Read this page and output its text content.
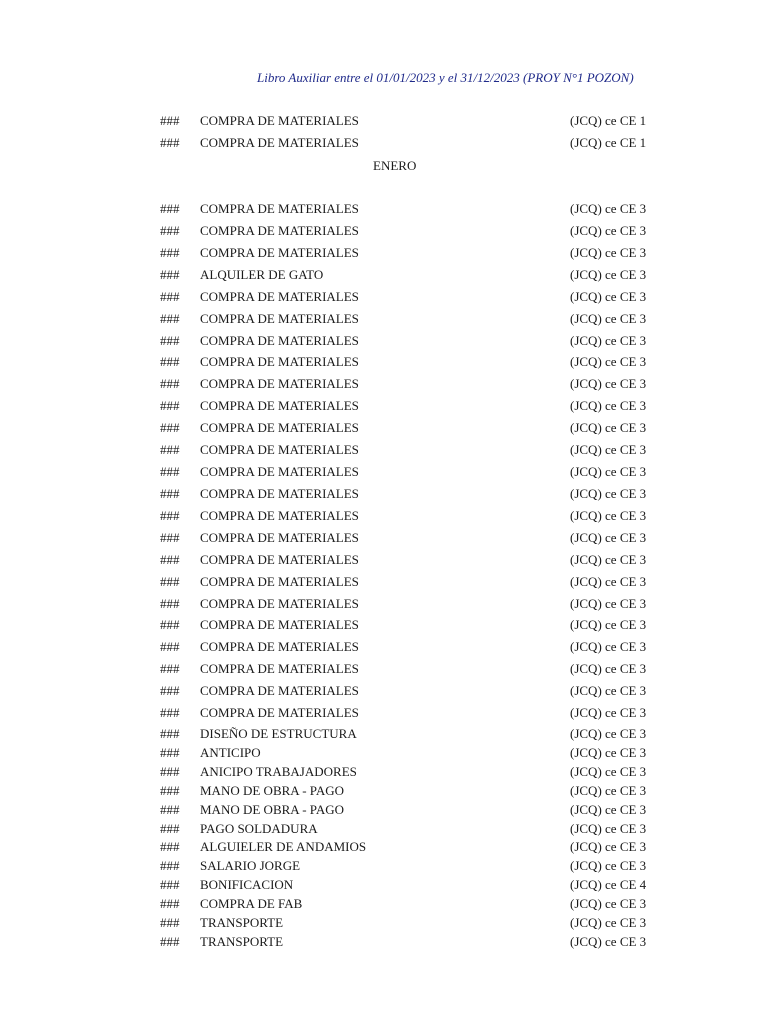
Libro Auxiliar entre el 01/01/2023 y el 31/12/2023 (PROY N°1 POZON)
### COMPRA DE MATERIALES	(JCQ) ce CE 1
### COMPRA DE MATERIALES	(JCQ) ce CE 1
ENERO
### COMPRA DE MATERIALES	(JCQ) ce CE 3
### COMPRA DE MATERIALES	(JCQ) ce CE 3
### COMPRA DE MATERIALES	(JCQ) ce CE 3
### ALQUILER DE GATO	(JCQ) ce CE 3
### COMPRA DE MATERIALES	(JCQ) ce CE 3
### COMPRA DE MATERIALES	(JCQ) ce CE 3
### COMPRA DE MATERIALES	(JCQ) ce CE 3
### COMPRA DE MATERIALES	(JCQ) ce CE 3
### COMPRA DE MATERIALES	(JCQ) ce CE 3
### COMPRA DE MATERIALES	(JCQ) ce CE 3
### COMPRA DE MATERIALES	(JCQ) ce CE 3
### COMPRA DE MATERIALES	(JCQ) ce CE 3
### COMPRA DE MATERIALES	(JCQ) ce CE 3
### COMPRA DE MATERIALES	(JCQ) ce CE 3
### COMPRA DE MATERIALES	(JCQ) ce CE 3
### COMPRA DE MATERIALES	(JCQ) ce CE 3
### COMPRA DE MATERIALES	(JCQ) ce CE 3
### COMPRA DE MATERIALES	(JCQ) ce CE 3
### COMPRA DE MATERIALES	(JCQ) ce CE 3
### COMPRA DE MATERIALES	(JCQ) ce CE 3
### COMPRA DE MATERIALES	(JCQ) ce CE 3
### COMPRA DE MATERIALES	(JCQ) ce CE 3
### COMPRA DE MATERIALES	(JCQ) ce CE 3
### COMPRA DE MATERIALES	(JCQ) ce CE 3
### DISEÑO DE ESTRUCTURA	(JCQ) ce CE 3
### ANTICIPO	(JCQ) ce CE 3
### ANICIPO TRABAJADORES	(JCQ) ce CE 3
### MANO DE OBRA - PAGO	(JCQ) ce CE 3
### MANO DE OBRA - PAGO	(JCQ) ce CE 3
### PAGO SOLDADURA	(JCQ) ce CE 3
### ALGUIELER DE ANDAMIOS	(JCQ) ce CE 3
### SALARIO JORGE	(JCQ) ce CE 3
### BONIFICACION	(JCQ) ce CE 4
### COMPRA DE FAB	(JCQ) ce CE 3
### TRANSPORTE	(JCQ) ce CE 3
### TRANSPORTE	(JCQ) ce CE 3
